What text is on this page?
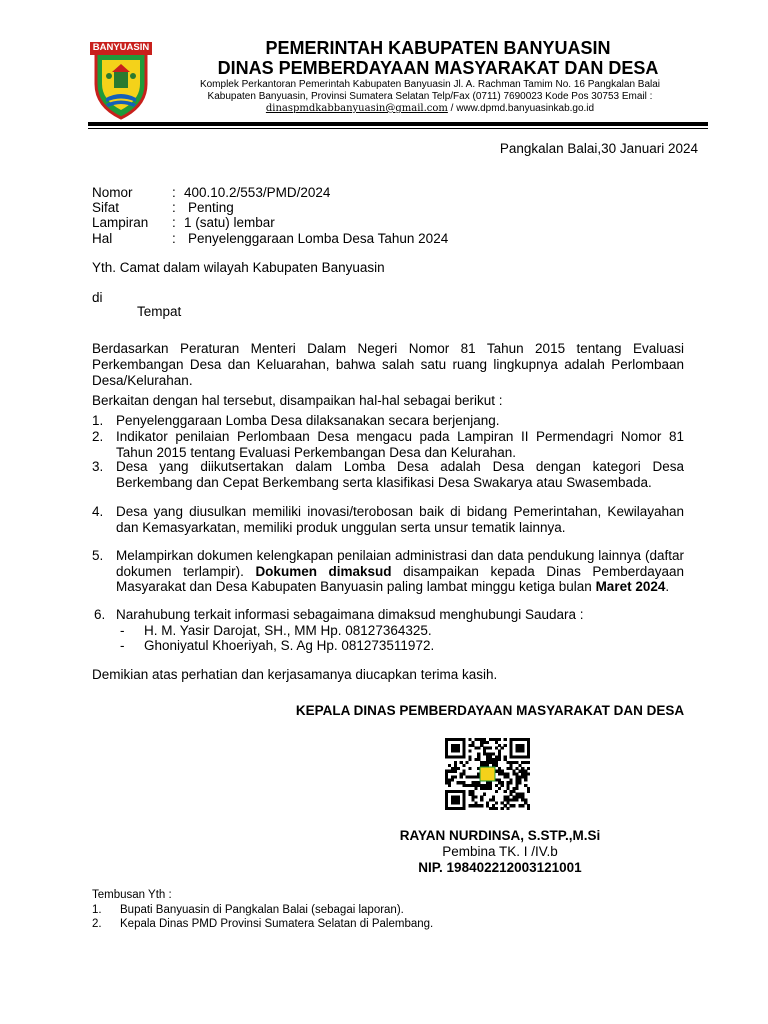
BANYUASIN	PEMERINTAH KABUPATEN BANYUASIN
DINAS PEMBERDAYAAN MASYARAKAT DAN DESA
Komplek Perkantoran Pemerintah Kabupaten Banyuasin Jl. A. Rachman Tamim No. 16 Pangkalan Balai
Kabupaten Banyuasin, Provinsi Sumatera Selatan Telp/Fax (0711) 7690023 Kode Pos 30753 Email :
dinaspmdkabbanyuasin@gmail.com / www.dpmd.banyuasinkab.go.id
Pangkalan Balai,30 Januari 2024
Nomor	: 400.10.2/553/PMD/2024
Sifat	: Penting
Lampiran : 1 (satu) lembar
Hal	: Penyelenggaraan Lomba Desa Tahun 2024
Yth. Camat dalam wilayah Kabupaten Banyuasin
di
Tempat
Berdasarkan Peraturan Menteri Dalam Negeri Nomor 81 Tahun 2015 tentang Evaluasi Perkembangan Desa dan Keluarahan, bahwa salah satu ruang lingkupnya adalah Perlombaan Desa/Kelurahan.
Berkaitan dengan hal tersebut, disampaikan hal-hal sebagai berikut :
1. Penyelenggaraan Lomba Desa dilaksanakan secara berjenjang.
2. Indikator penilaian Perlombaan Desa mengacu pada Lampiran II Permendagri Nomor 81 Tahun 2015 tentang Evaluasi Perkembangan Desa dan Kelurahan.
3. Desa yang diikutsertakan dalam Lomba Desa adalah Desa dengan kategori Desa Berkembang dan Cepat Berkembang serta klasifikasi Desa Swakarya atau Swasembada.
4. Desa yang diusulkan memiliki inovasi/terobosan baik di bidang Pemerintahan, Kewilayahan dan Kemasyarkatan, memiliki produk unggulan serta unsur tematik lainnya.
5. Melampirkan dokumen kelengkapan penilaian administrasi dan data pendukung lainnya (daftar dokumen terlampir). Dokumen dimaksud disampaikan kepada Dinas Pemberdayaan Masyarakat dan Desa Kabupaten Banyuasin paling lambat minggu ketiga bulan Maret 2024.
6. Narahubung terkait informasi sebagaimana dimaksud menghubungi Saudara :
- H. M. Yasir Darojat, SH., MM Hp. 08127364325.
- Ghoniyatul Khoeriyah, S. Ag Hp. 081273511972.
Demikian atas perhatian dan kerjasamanya diucapkan terima kasih.
KEPALA DINAS PEMBERDAYAAN MASYARAKAT DAN DESA
RAYAN NURDINSA, S.STP.,M.Si
Pembina TK. I /IV.b
NIP. 198402212003121001
Tembusan Yth :
1. Bupati Banyuasin di Pangkalan Balai (sebagai laporan).
2. Kepala Dinas PMD Provinsi Sumatera Selatan di Palembang.
